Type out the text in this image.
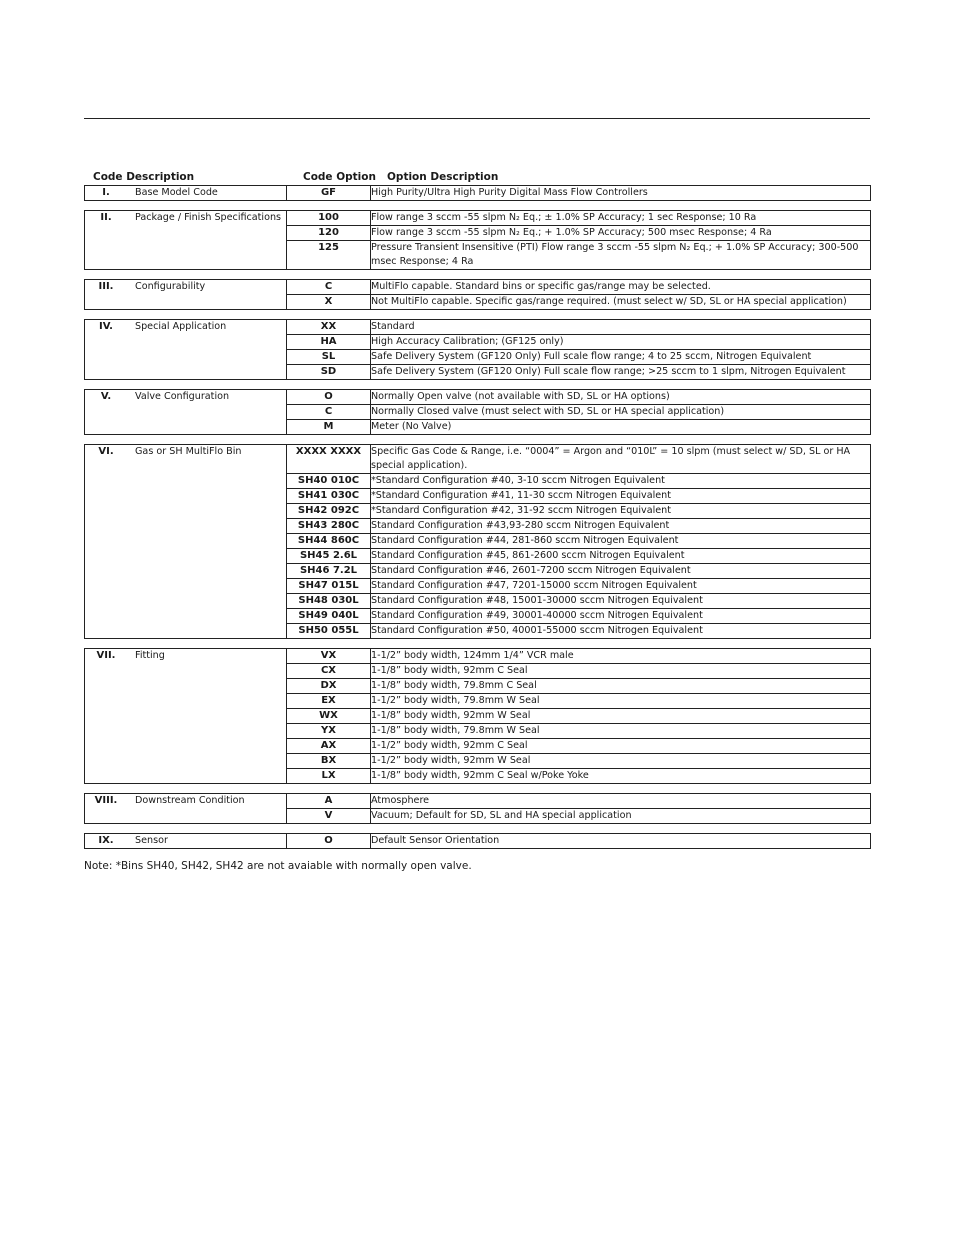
Code Description	Code Option Option Description
I.	Base Model Code	GF	High Purity/Ultra High Purity Digital Mass Flow Controllers
II. Package / Finish Specifications	100	Flow range 3 sccm -55 slpm N₂ Eq.; ± 1.0% SP Accuracy; 1 sec Response; 10 Ra
	120	Flow range 3 sccm -55 slpm N₂ Eq.; + 1.0% SP Accuracy; 500 msec Response; 4 Ra
	125	Pressure Transient Insensitive (PTI) Flow range 3 sccm -55 slpm N₂ Eq.; + 1.0% SP Accuracy; 300-500 msec Response; 4 Ra
III. Configurability	C	MultiFlo capable. Standard bins or specific gas/range may be selected.
	X	Not MultiFlo capable. Specific gas/range required. (must select w/ SD, SL or HA special application)
IV. Special Application	XX	Standard
	HA	High Accuracy Calibration; (GF125 only)
	SL	Safe Delivery System (GF120 Only) Full scale flow range; 4 to 25 sccm, Nitrogen Equivalent
	SD	Safe Delivery System (GF120 Only) Full scale flow range; >25 sccm to 1 slpm, Nitrogen Equivalent
V. Valve Configuration	O	Normally Open valve (not available with SD, SL or HA options)
	C	Normally Closed valve (must select with SD, SL or HA special application)
	M	Meter (No Valve)
VI. Gas or SH MultiFlo Bin	XXXX XXXX	Specific Gas Code & Range, i.e. “0004” = Argon and “010L” = 10 slpm (must select w/ SD, SL or HA special application).
	SH40 010C	*Standard Configuration #40, 3-10 sccm Nitrogen Equivalent
	SH41 030C	*Standard Configuration #41, 11-30 sccm Nitrogen Equivalent
	SH42 092C	*Standard Configuration #42, 31-92 sccm Nitrogen Equivalent
	SH43 280C	Standard Configuration #43,93-280 sccm Nitrogen Equivalent
	SH44 860C	Standard Configuration #44, 281-860 sccm Nitrogen Equivalent
	SH45 2.6L	Standard Configuration #45, 861-2600 sccm Nitrogen Equivalent
	SH46 7.2L	Standard Configuration #46, 2601-7200 sccm Nitrogen Equivalent
	SH47 015L	Standard Configuration #47, 7201-15000 sccm Nitrogen Equivalent
	SH48 030L	Standard Configuration #48, 15001-30000 sccm Nitrogen Equivalent
	SH49 040L	Standard Configuration #49, 30001-40000 sccm Nitrogen Equivalent
	SH50 055L	Standard Configuration #50, 40001-55000 sccm Nitrogen Equivalent
VII. Fitting	VX	1-1/2” body width, 124mm 1/4” VCR male
	CX	1-1/8” body width, 92mm C Seal
	DX	1-1/8” body width, 79.8mm C Seal
	EX	1-1/2” body width, 79.8mm W Seal
	WX	1-1/8” body width, 92mm W Seal
	YX	1-1/8” body width, 79.8mm W Seal
	AX	1-1/2” body width, 92mm C Seal
	BX	1-1/2” body width, 92mm W Seal
	LX	1-1/8” body width, 92mm C Seal w/Poke Yoke
VIII. Downstream Condition	A	Atmosphere
	V	Vacuum; Default for SD, SL and HA special application
IX. Sensor	O	Default Sensor Orientation
Note: *Bins SH40, SH42, SH42 are not avaiable with normally open valve.
